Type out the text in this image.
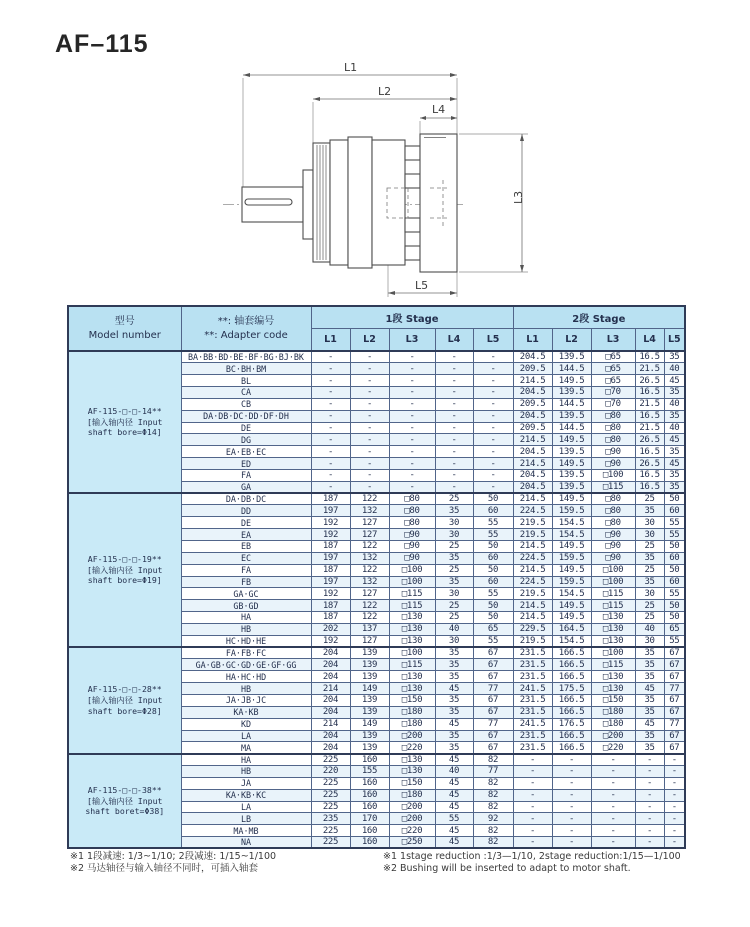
AF–115
L1
L2
L4
L3
L5
型号
Model number

**: 轴套编号
**: Adapter code
	1段 Stage	2段 Stage
		L1	L2	L3	L4	L5	L1	L2	L3	L4	L5

AF-115-□-□-14**
[输入轴内径 Input
shaft bore=Φ14]	BA·BB·BD·BE·BF·BG·BJ·BK	-	-	-	-	-	204.5	139.5	□65	16.5	35
	BC·BH·BM	-	-	-	-	-	209.5	144.5	□65	21.5	40
	BL	-	-	-	-	-	214.5	149.5	□65	26.5	45
	CA	-	-	-	-	-	204.5	139.5	□70	16.5	35
	CB	-	-	-	-	-	209.5	144.5	□70	21.5	40
	DA·DB·DC·DD·DF·DH	-	-	-	-	-	204.5	139.5	□80	16.5	35
	DE	-	-	-	-	-	209.5	144.5	□80	21.5	40
	DG	-	-	-	-	-	214.5	149.5	□80	26.5	45
	EA·EB·EC	-	-	-	-	-	204.5	139.5	□90	16.5	35
	ED	-	-	-	-	-	214.5	149.5	□90	26.5	45
	FA	-	-	-	-	-	204.5	139.5	□100	16.5	35
	GA	-	-	-	-	-	204.5	139.5	□115	16.5	35

AF-115-□-□-19**
[输入轴内径 Input
shaft bore=Φ19]	DA·DB·DC	187	122	□80	25	50	214.5	149.5	□80	25	50
	DD	197	132	□80	35	60	224.5	159.5	□80	35	60
	DE	192	127	□80	30	55	219.5	154.5	□80	30	55
	EA	192	127	□90	30	55	219.5	154.5	□90	30	55
	EB	187	122	□90	25	50	214.5	149.5	□90	25	50
	EC	197	132	□90	35	60	224.5	159.5	□90	35	60
	FA	187	122	□100	25	50	214.5	149.5	□100	25	50
	FB	197	132	□100	35	60	224.5	159.5	□100	35	60
	GA·GC	192	127	□115	30	55	219.5	154.5	□115	30	55
	GB·GD	187	122	□115	25	50	214.5	149.5	□115	25	50
	HA	187	122	□130	25	50	214.5	149.5	□130	25	50
	HB	202	137	□130	40	65	229.5	164.5	□130	40	65
	HC·HD·HE	192	127	□130	30	55	219.5	154.5	□130	30	55

AF-115-□-□-28**
[输入轴内径 Input
shaft bore=Φ28]	FA·FB·FC	204	139	□100	35	67	231.5	166.5	□100	35	67
	GA·GB·GC·GD·GE·GF·GG	204	139	□115	35	67	231.5	166.5	□115	35	67
	HA·HC·HD	204	139	□130	35	67	231.5	166.5	□130	35	67
	HB	214	149	□130	45	77	241.5	175.5	□130	45	77
	JA·JB·JC	204	139	□150	35	67	231.5	166.5	□150	35	67
	KA·KB	204	139	□180	35	67	231.5	166.5	□180	35	67
	KD	214	149	□180	45	77	241.5	176.5	□180	45	77
	LA	204	139	□200	35	67	231.5	166.5	□200	35	67
	MA	204	139	□220	35	67	231.5	166.5	□220	35	67

AF-115-□-□-38**
[输入轴内径 Input
shaft boret=Φ38]	HA	225	160	□130	45	82	-	-	-	-	-
	HB	220	155	□130	40	77	-	-	-	-	-
	JA	225	160	□150	45	82	-	-	-	-	-
	KA·KB·KC	225	160	□180	45	82	-	-	-	-	-
	LA	225	160	□200	45	82	-	-	-	-	-
	LB	235	170	□200	55	92	-	-	-	-	-
	MA·MB	225	160	□220	45	82	-	-	-	-	-
	NA	225	160	□250	45	82	-	-	-	-	-
※1 1段减速: 1/3~1/10; 2段减速: 1/15~1/100
※2 马达轴径与输入轴径不同时，可插入轴套
※1 1stage reduction :1/3—1/10, 2stage reduction:1/15—1/100
※2 Bushing will be inserted to adapt to motor shaft.
